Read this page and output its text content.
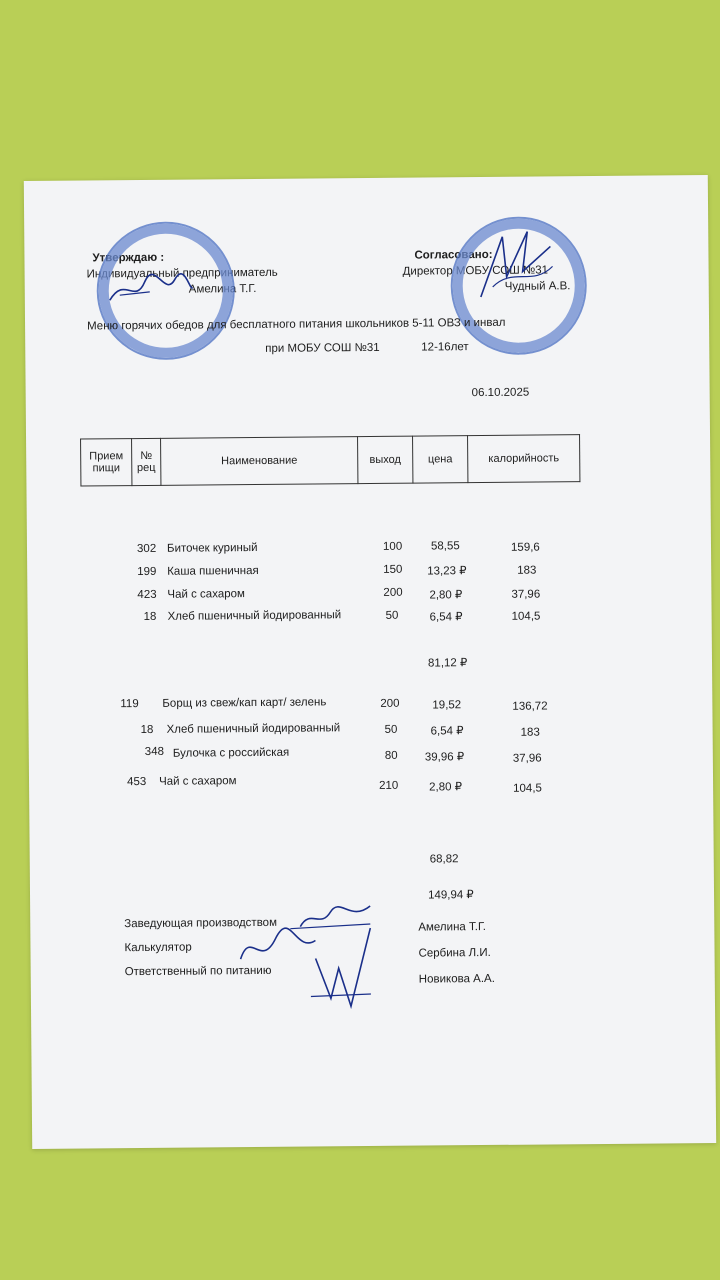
Утверждаю :
Индивидуальный предприниматель
Амелина Т.Г.
Согласовано:
Директор МОБУ СОШ №31
Чудный А.В.
Меню горячих обедов для бесплатного питания школьников 5-11 ОВЗ и инвал
при МОБУ СОШ №31	12-16лет
06.10.2025
Прием пищи	№ рец	Наименование	выход	цена	калорийность
302 Биточек куриный	100 58,55	159,6
199 Каша пшеничная	150 13,23 ₽	183
423 Чай с сахаром	200 2,80 ₽	37,96
18 Хлеб пшеничный йодированный	50	6,54 ₽	104,5
81,12 ₽
119 Борщ из свеж/кап карт/ зелень	200	19,52	136,72
18 Хлеб пшеничный йодированный	50	6,54 ₽	183
348 Булочка с российская	80 39,96 ₽	37,96
453 Чай с сахаром	210	2,80 ₽	104,5
68,82
149,94 ₽
Заведующая производством	Амелина Т.Г.
Калькулятор	Сербина Л.И.
Ответственный по питанию
Новикова А.А.
